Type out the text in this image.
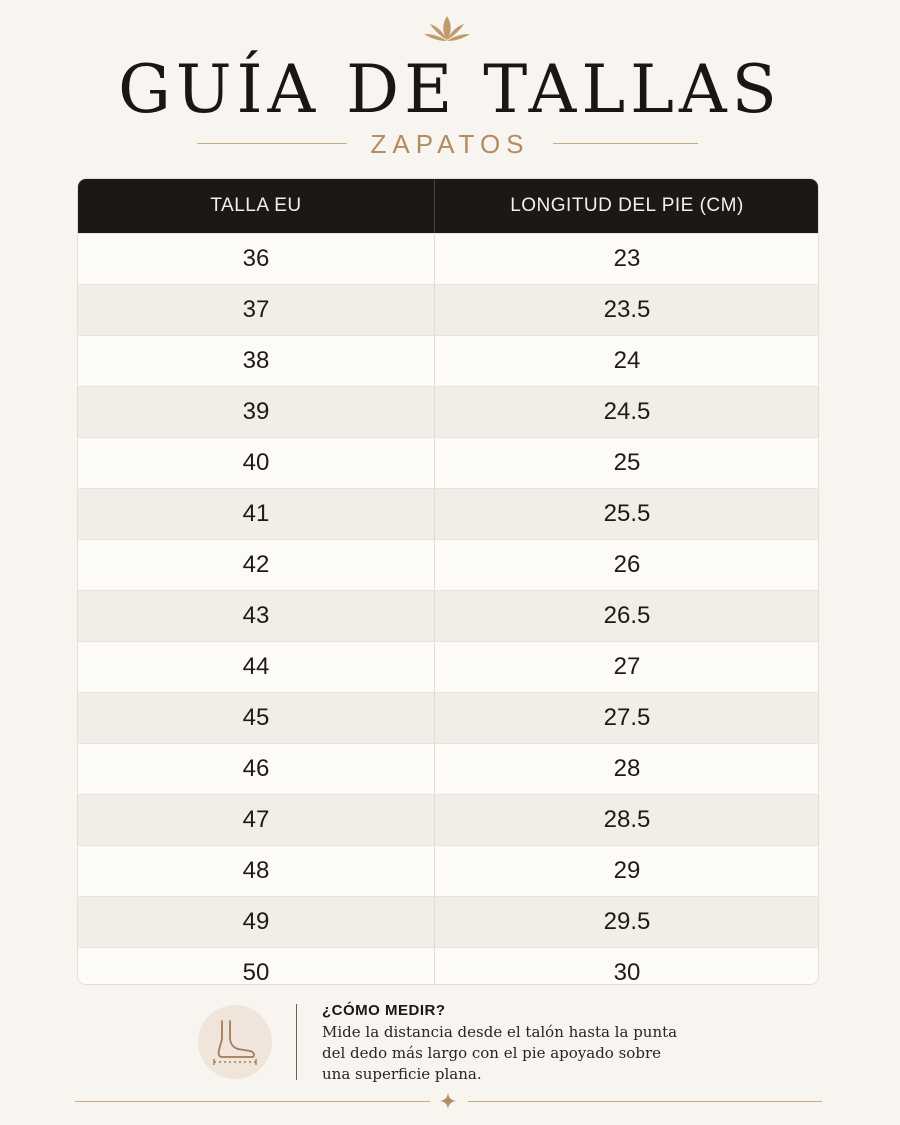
GUÍA DE TALLAS
ZAPATOS
TALLA EU	LONGITUD DEL PIE (CM)
36	23
37	23.5
38	24
39	24.5
40	25
41	25.5
42	26
43	26.5
44	27
45	27.5
46	28
47	28.5
48	29
49	29.5
50	30
¿CÓMO MEDIR?
Mide la distancia desde el talón hasta la punta
del dedo más largo con el pie apoyado sobre
una superficie plana.
